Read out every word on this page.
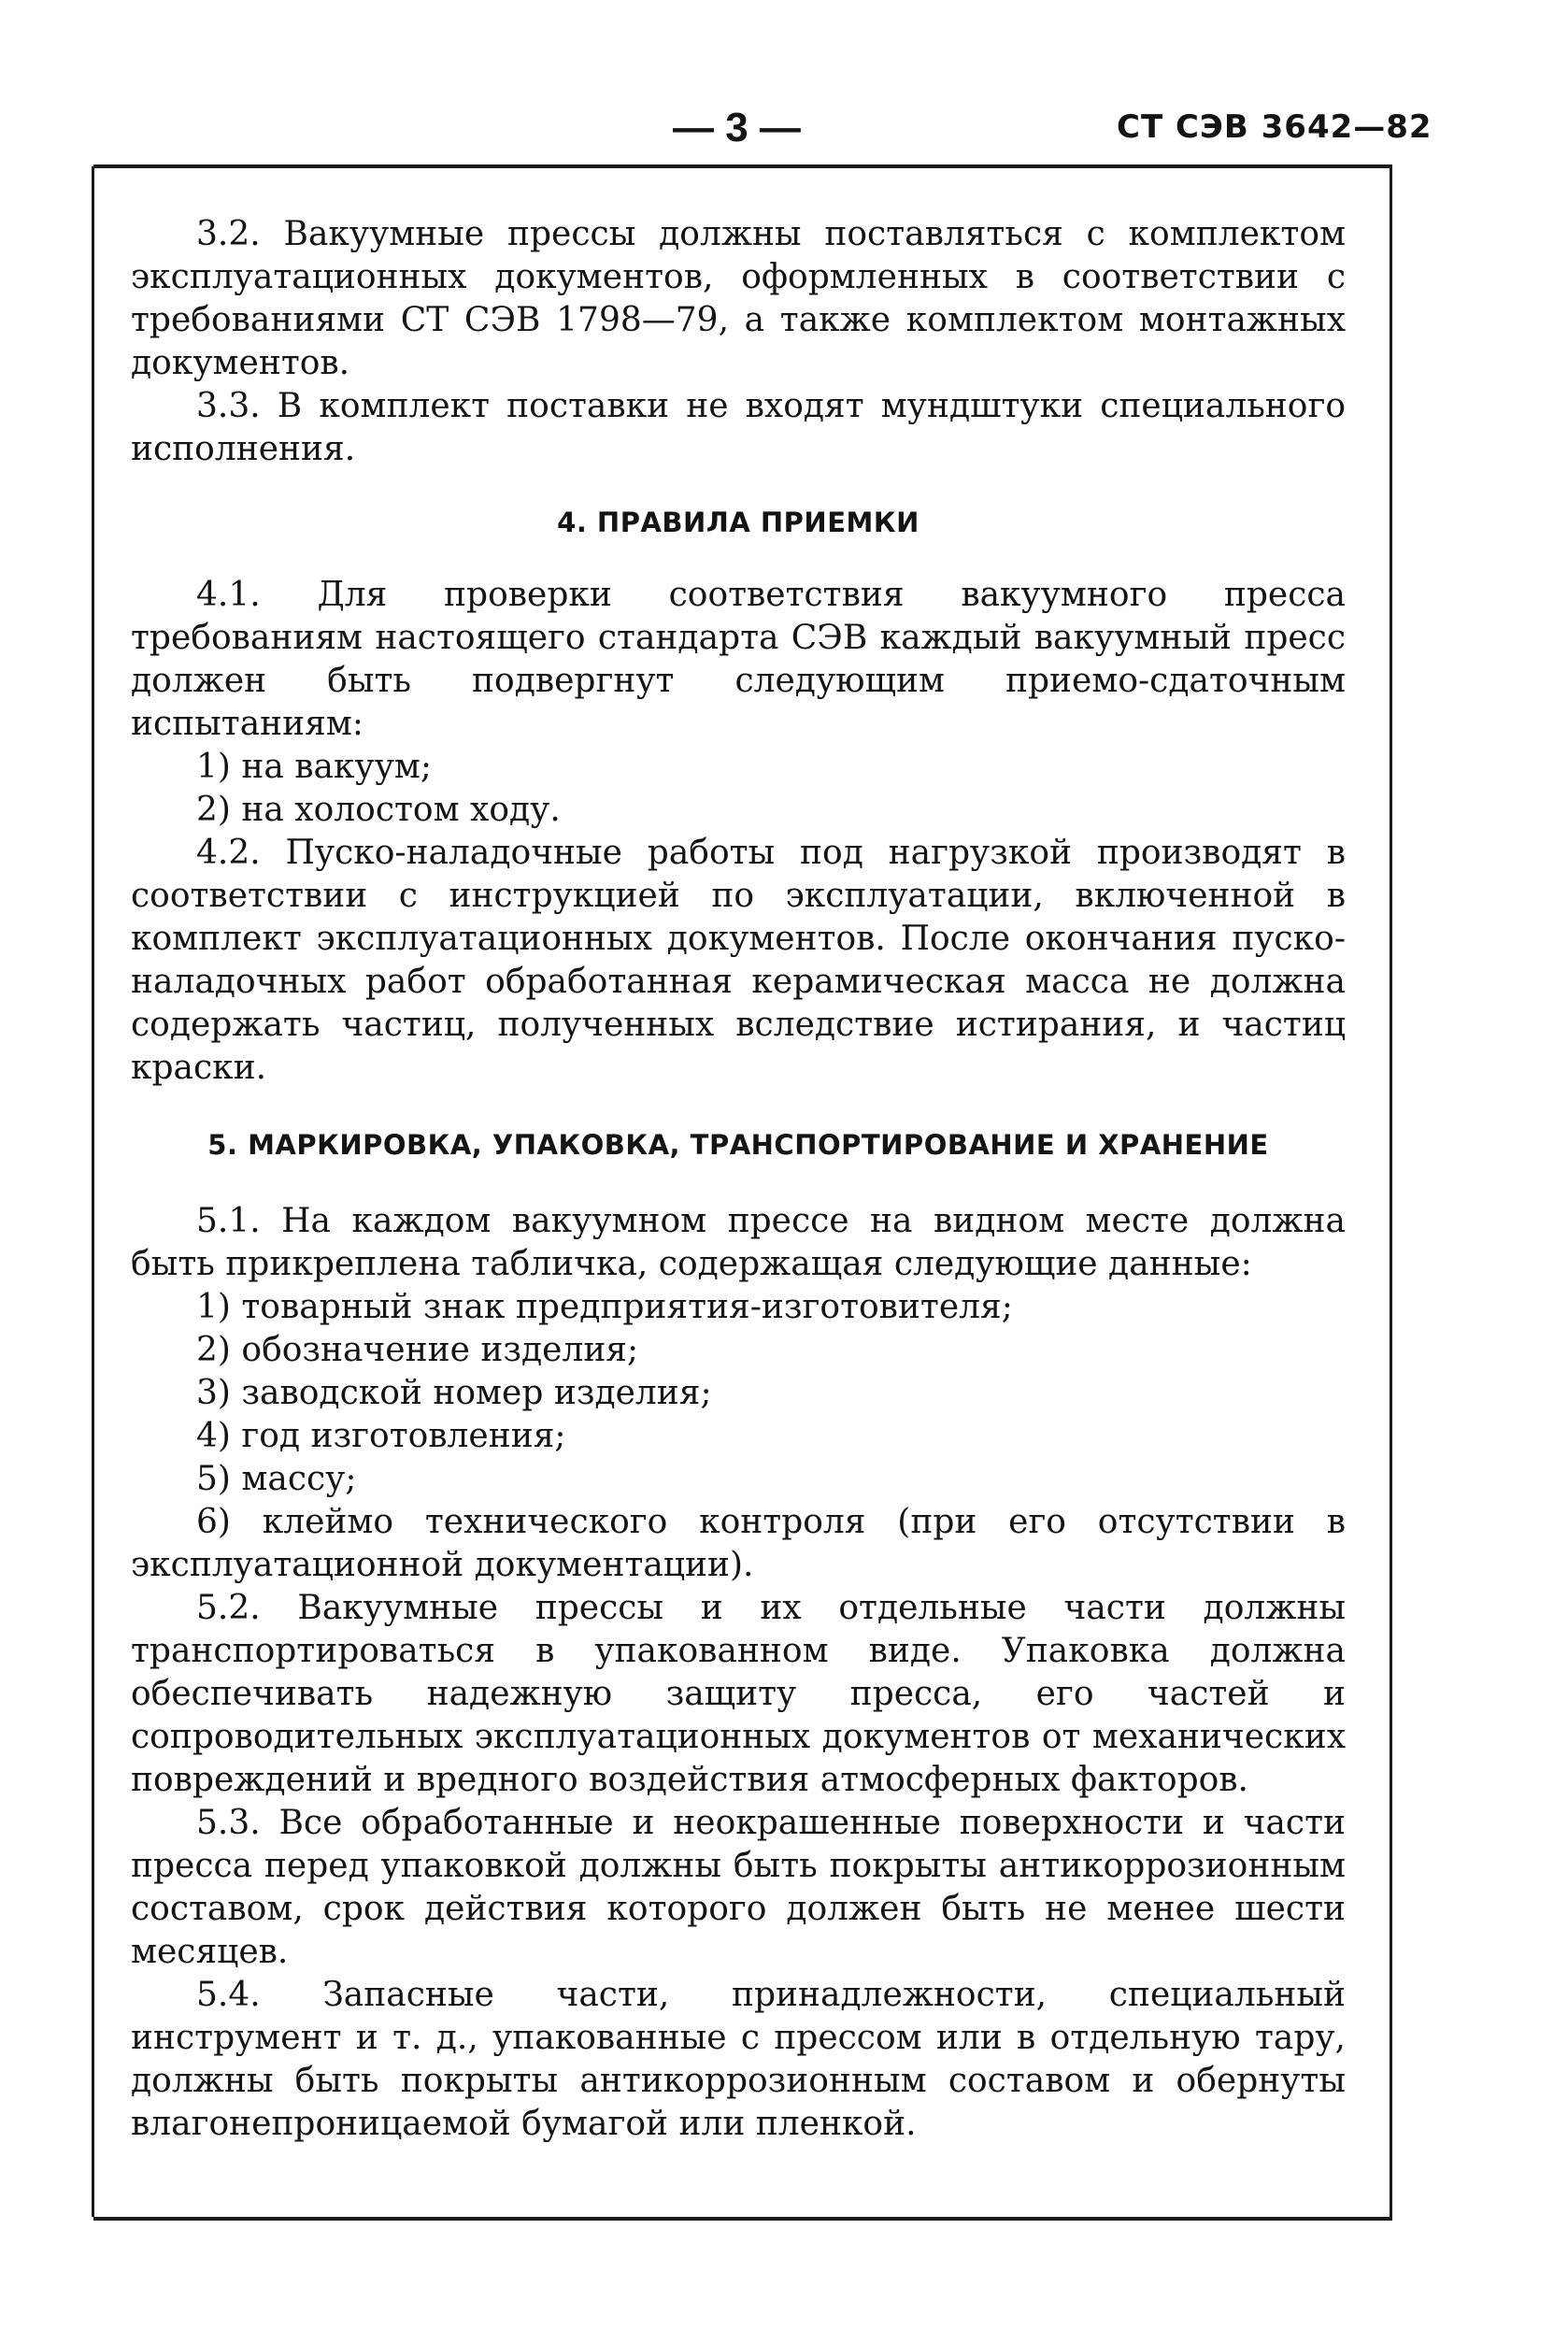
— 3 —	СТ СЭВ 3642—82

3.2. Вакуумные прессы должны поставляться с комплектом эксплуатационных документов, оформленных в соответствии с требованиями СТ СЭВ 1798—79, а также комплектом монтажных документов.

3.3. В комплект поставки не входят мундштуки специального исполнения.

4. ПРАВИЛА ПРИЕМКИ

4.1. Для проверки соответствия вакуумного пресса требованиям настоящего стандарта СЭВ каждый вакуумный пресс должен быть подвергнут следующим приемо-сдаточным испытаниям:

1) на вакуум;

2) на холостом ходу.

4.2. Пуско-наладочные работы под нагрузкой производят в соответствии с инструкцией по эксплуатации, включенной в комплект эксплуатационных документов. После окончания пуско-наладочных работ обработанная керамическая масса не должна содержать частиц, полученных вследствие истирания, и частиц краски.

5. МАРКИРОВКА, УПАКОВКА, ТРАНСПОРТИРОВАНИЕ И ХРАНЕНИЕ

5.1. На каждом вакуумном прессе на видном месте должна быть прикреплена табличка, содержащая следующие данные:

1) товарный знак предприятия-изготовителя;

2) обозначение изделия;

3) заводской номер изделия;

4) год изготовления;

5) массу;

6) клеймо технического контроля (при его отсутствии в эксплуатационной документации).

5.2. Вакуумные прессы и их отдельные части должны транспортироваться в упакованном виде. Упаковка должна обеспечивать надежную защиту пресса, его частей и сопроводительных эксплуатационных документов от механических повреждений и вредного воздействия атмосферных факторов.

5.3. Все обработанные и неокрашенные поверхности и части пресса перед упаковкой должны быть покрыты антикоррозионным составом, срок действия которого должен быть не менее шести месяцев.

5.4. Запасные части, принадлежности, специальный инструмент и т. д., упакованные с прессом или в отдельную тару, должны быть покрыты антикоррозионным составом и обернуты влагонепроницаемой бумагой или пленкой.
